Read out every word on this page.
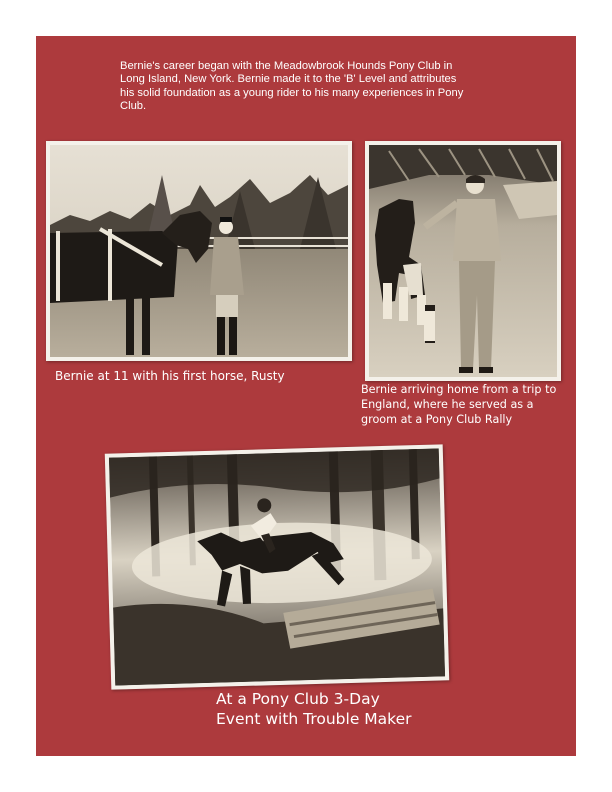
Bernie's career began with the Meadowbrook Hounds Pony Club in
Long Island, New York. Bernie made it to the 'B' Level and attributes
his solid foundation as a young rider to his many experiences in Pony
Club.
Bernie at 11 with his first horse, Rusty
Bernie arriving home from a trip to
England, where he served as a
groom at a Pony Club Rally
At a Pony Club 3-Day
Event with Trouble Maker
